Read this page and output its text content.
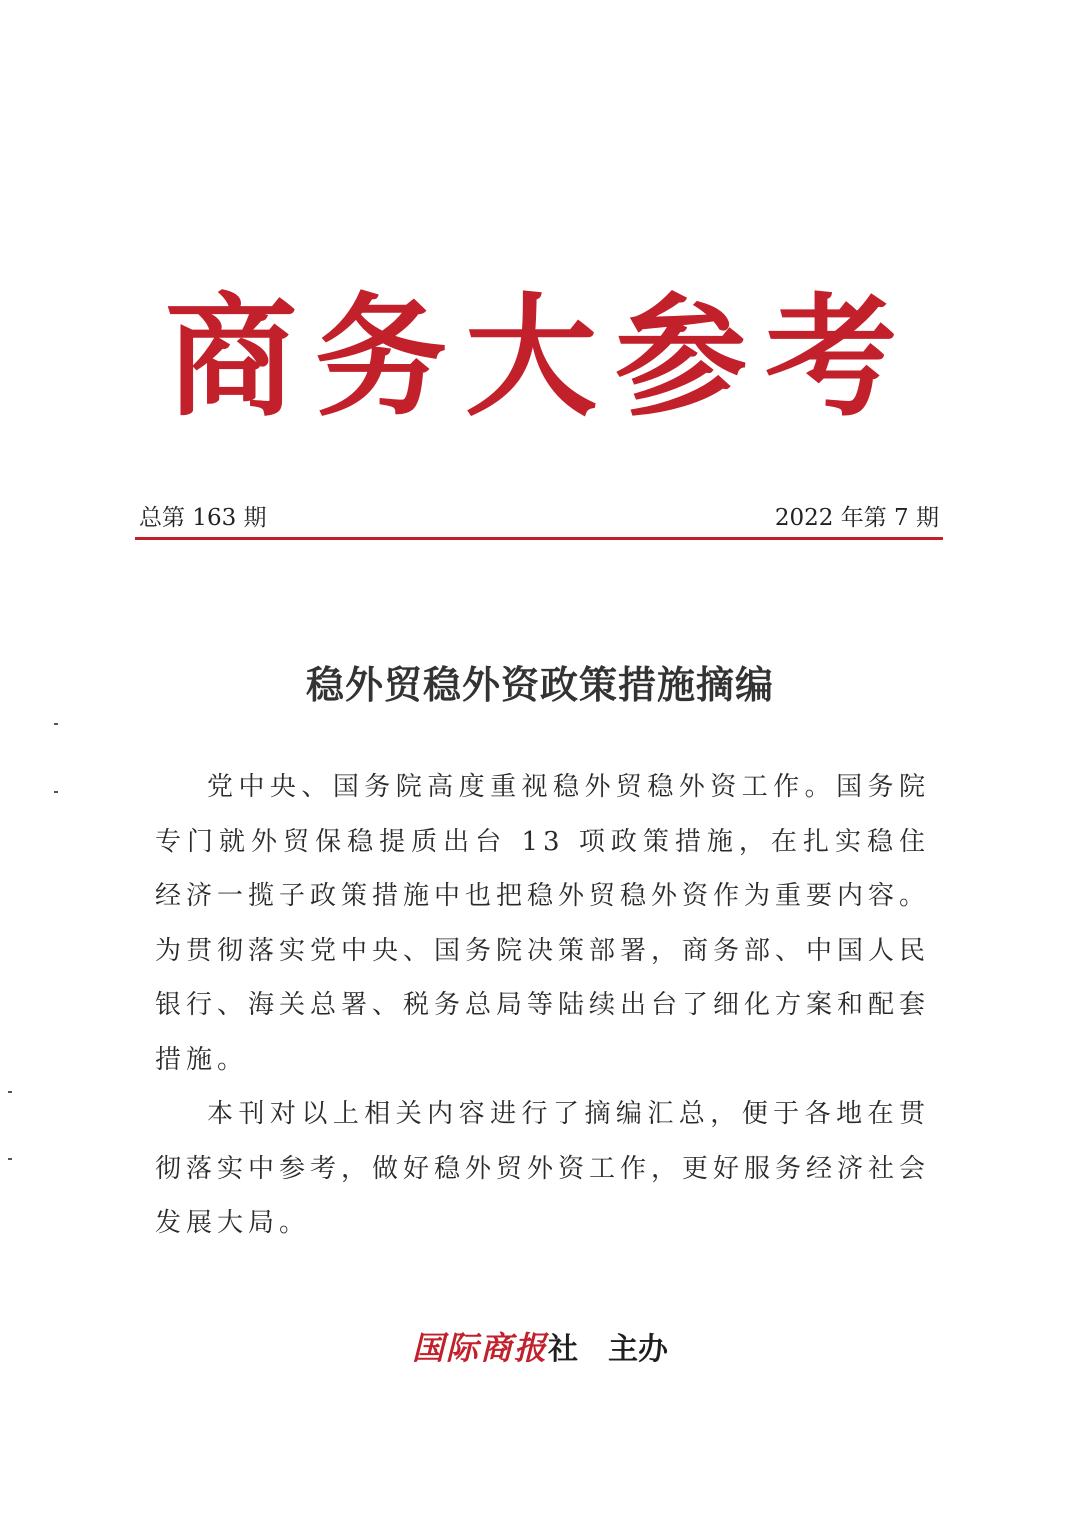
商务大参考
总第 163 期	2022 年第 7 期
稳外贸稳外资政策措施摘编

党中央、国务院高度重视稳外贸稳外资工作。国务院专门就外贸保稳提质出台 13 项政策措施，在扎实稳住经济一揽子政策措施中也把稳外贸稳外资作为重要内容。为贯彻落实党中央、国务院决策部署，商务部、中国人民银行、海关总署、税务总局等陆续出台了细化方案和配套措施。

本刊对以上相关内容进行了摘编汇总，便于各地在贯彻落实中参考，做好稳外贸外资工作，更好服务经济社会发展大局。

国际商报社 主办
